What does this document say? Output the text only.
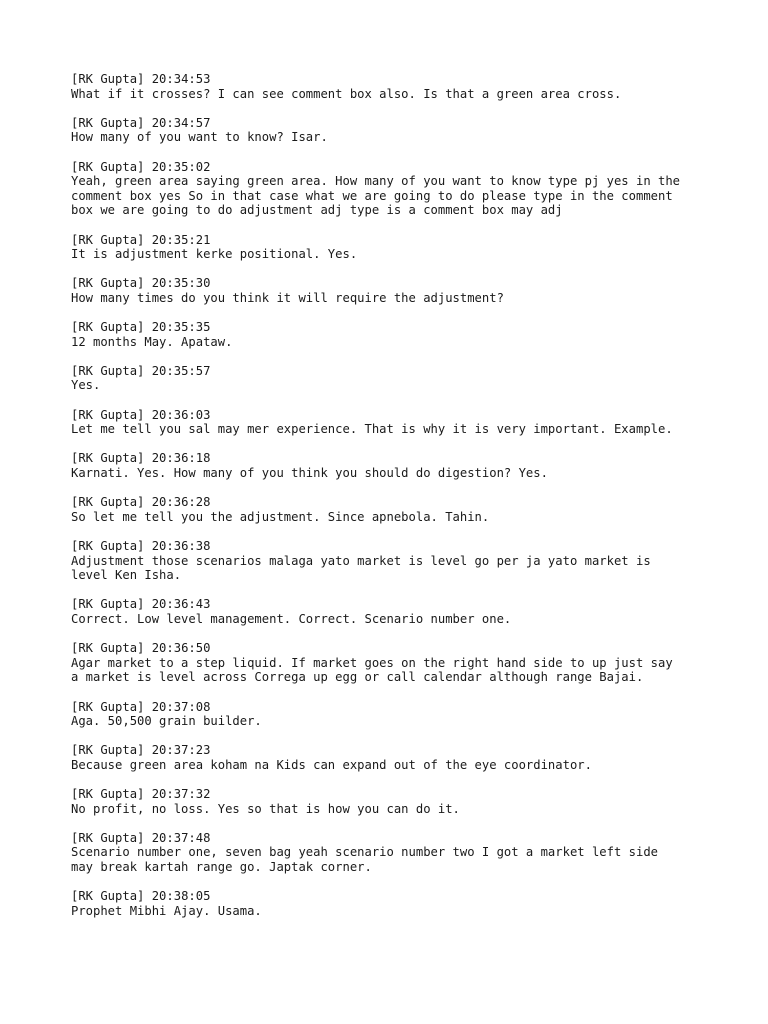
[RK Gupta] 20:34:53
What if it crosses? I can see comment box also. Is that a green area cross.
[RK Gupta] 20:34:57
How many of you want to know? Isar.
[RK Gupta] 20:35:02
Yeah, green area saying green area. How many of you want to know type pj yes in the
comment box yes So in that case what we are going to do please type in the comment
box we are going to do adjustment adj type is a comment box may adj
[RK Gupta] 20:35:21
It is adjustment kerke positional. Yes.
[RK Gupta] 20:35:30
How many times do you think it will require the adjustment?
[RK Gupta] 20:35:35
12 months May. Apataw.
[RK Gupta] 20:35:57
Yes.
[RK Gupta] 20:36:03
Let me tell you sal may mer experience. That is why it is very important. Example.
[RK Gupta] 20:36:18
Karnati. Yes. How many of you think you should do digestion? Yes.
[RK Gupta] 20:36:28
So let me tell you the adjustment. Since apnebola. Tahin.
[RK Gupta] 20:36:38
Adjustment those scenarios malaga yato market is level go per ja yato market is
level Ken Isha.
[RK Gupta] 20:36:43
Correct. Low level management. Correct. Scenario number one.
[RK Gupta] 20:36:50
Agar market to a step liquid. If market goes on the right hand side to up just say
a market is level across Correga up egg or call calendar although range Bajai.
[RK Gupta] 20:37:08
Aga. 50,500 grain builder.
[RK Gupta] 20:37:23
Because green area koham na Kids can expand out of the eye coordinator.
[RK Gupta] 20:37:32
No profit, no loss. Yes so that is how you can do it.
[RK Gupta] 20:37:48
Scenario number one, seven bag yeah scenario number two I got a market left side
may break kartah range go. Japtak corner.
[RK Gupta] 20:38:05
Prophet Mibhi Ajay. Usama.
